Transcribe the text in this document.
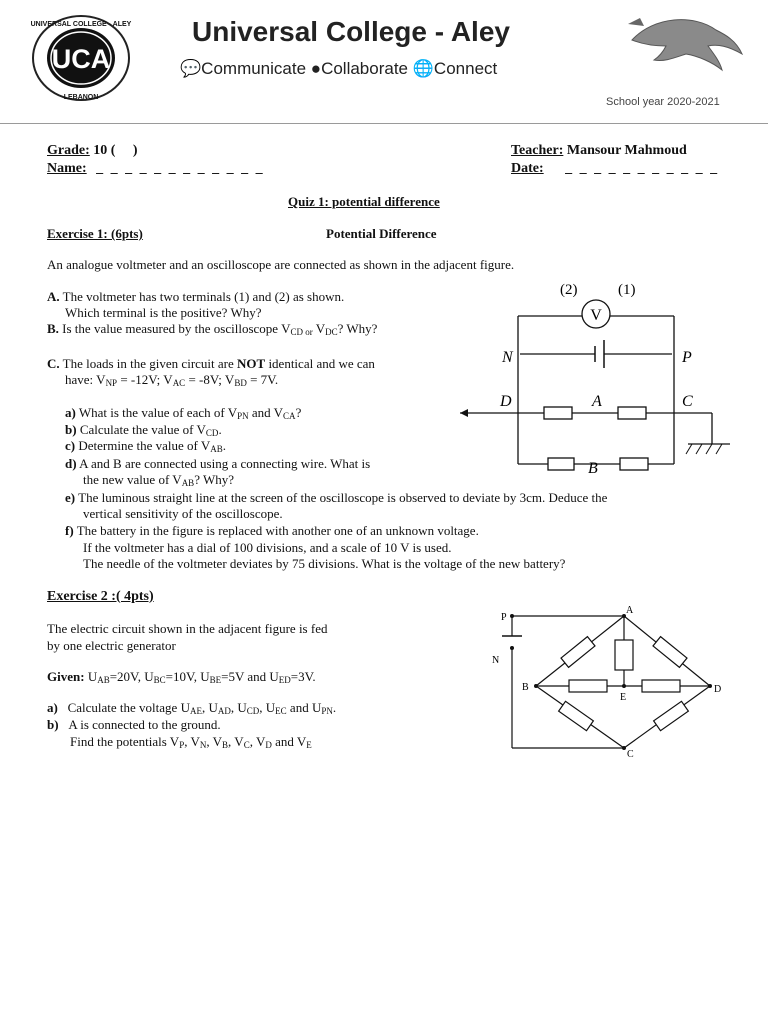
UCA
UNIVERSAL COLLEGE - ALEY
LEBANON
Universal College - Aley
💬Communicate ●Collaborate 🌐Connect
School year 2020-2021
Grade: 10 (     )
Name: _ _ _ _ _ _ _ _ _ _ _ _
Teacher: Mansour Mahmoud
Date: _ _ _ _ _ _ _ _ _ _ _
Quiz 1: potential difference
Exercise 1: (6pts)	Potential Difference
An analogue voltmeter and an oscilloscope are connected as shown in the adjacent figure.
A. The voltmeter has two terminals (1) and (2) as shown.
Which terminal is the positive? Why?
B. Is the value measured by the oscilloscope $V_{CD or}$ $V_{DC}$? Why?
C. The loads in the given circuit are NOT identical and we can
have: $V_{NP} = -12V$; $V_{AC} = -8V$; $V_{BD} = 7V$.
a) What is the value of each of $V_{PN}$ and $V_{CA}$?
b) Calculate the value of $V_{CD}$.
c) Determine the value of $V_{AB}$.
d) A and B are connected using a connecting wire. What is
the new value of $V_{AB}$? Why?
e) The luminous straight line at the screen of the oscilloscope is observed to deviate by 3cm. Deduce the
vertical sensitivity of the oscilloscope.
f) The battery in the figure is replaced with another one of an unknown voltage.
If the voltmeter has a dial of 100 divisions, and a scale of 10 V is used.
The needle of the voltmeter deviates by 75 divisions. What is the voltage of the new battery?
(2)	(1)
V
N	P
D	A	C
B
Exercise 2 :( 4pts)
The electric circuit shown in the adjacent figure is fed
by one electric generator
Given: $U_{AB}=20V$, $U_{BC}=10V$, $U_{BE}=5V$ and $U_{ED}=3V$.
a) Calculate the voltage $U_{AE}$, $U_{AD}$, $U_{CD}$, $U_{EC}$ and $U_{PN}$.
b) A is connected to the ground.
Find the potentials $V_P$, $V_N$, $V_B$, $V_C$, $V_D$ and $V_E$
P
N
A
B	D
E
C
